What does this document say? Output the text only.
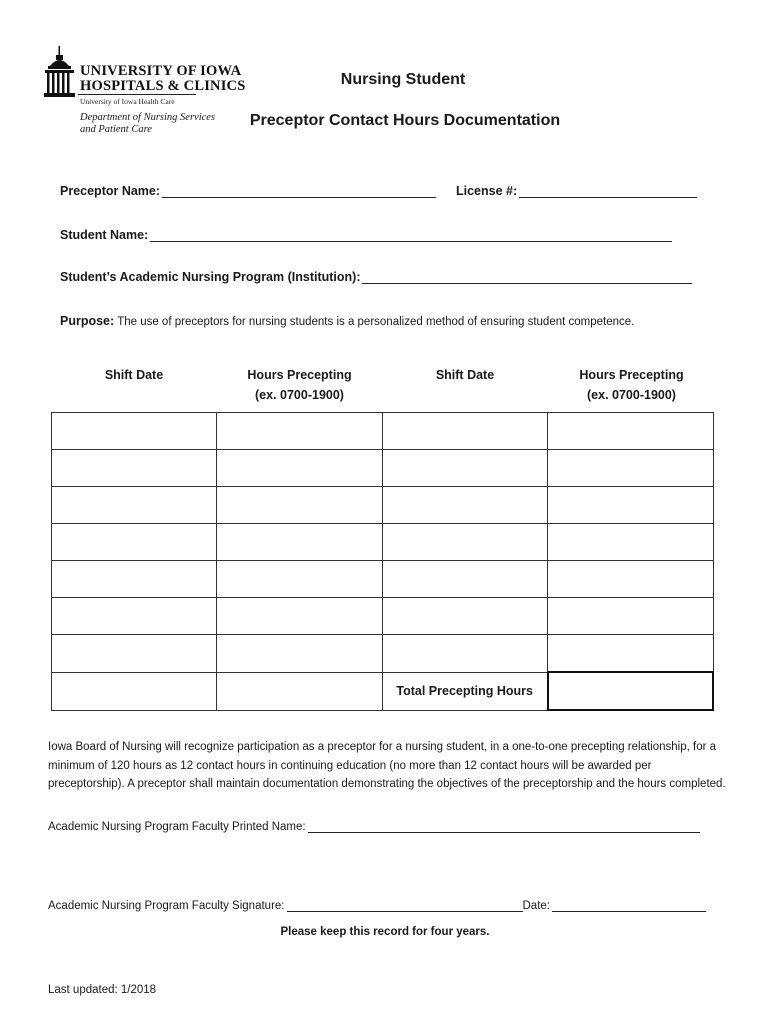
UNIVERSITY OF IOWA
HOSPITALS & CLINICS
University of Iowa Health Care
Department of Nursing Services
and Patient Care
Nursing Student
Preceptor Contact Hours Documentation
Preceptor Name:	License #:
Student Name:
Student’s Academic Nursing Program (Institution):
Purpose: The use of preceptors for nursing students is a personalized method of ensuring student competence.
Shift Date	Hours Precepting
(ex. 0700-1900)
Shift Date	Hours Precepting
(ex. 0700-1900)

		Total Precepting Hours	
Iowa Board of Nursing will recognize participation as a preceptor for a nursing student, in a one-to-one precepting relationship, for a minimum of 120 hours as 12 contact hours in continuing education (no more than 12 contact hours will be awarded per preceptorship). A preceptor shall maintain documentation demonstrating the objectives of the preceptorship and the hours completed.
Academic Nursing Program Faculty Printed Name:
Academic Nursing Program Faculty Signature:	Date:
Please keep this record for four years.
Last updated: 1/2018
